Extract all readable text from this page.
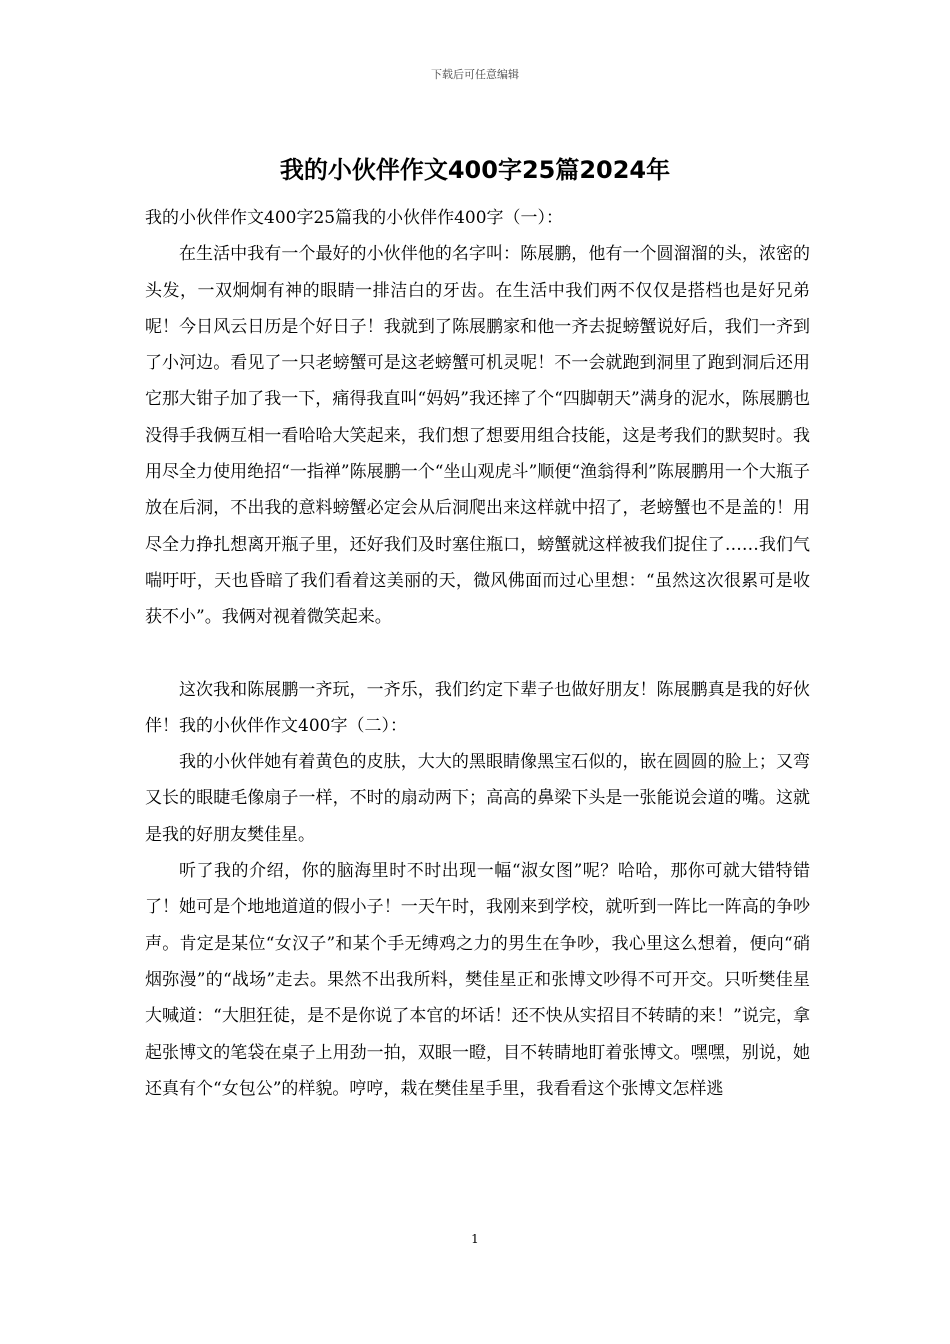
下载后可任意编辑
我的小伙伴作文400字25篇2024年

我的小伙伴作文400字25篇我的小伙伴作400字（一）：

在生活中我有一个最好的小伙伴他的名字叫：陈展鹏，他有一个圆溜溜的头，浓密的头发，一双炯炯有神的眼睛一排洁白的牙齿。在生活中我们两不仅仅是搭档也是好兄弟呢！今日风云日历是个好日子！我就到了陈展鹏家和他一齐去捉螃蟹说好后，我们一齐到了小河边。看见了一只老螃蟹可是这老螃蟹可机灵呢！不一会就跑到洞里了跑到洞后还用它那大钳子加了我一下，痛得我直叫“妈妈”我还摔了个“四脚朝天”满身的泥水，陈展鹏也没得手我俩互相一看哈哈大笑起来，我们想了想要用组合技能，这是考我们的默契时。我用尽全力使用绝招“一指禅”陈展鹏一个“坐山观虎斗”顺便“渔翁得利”陈展鹏用一个大瓶子放在后洞，不出我的意料螃蟹必定会从后洞爬出来这样就中招了，老螃蟹也不是盖的！用尽全力挣扎想离开瓶子里，还好我们及时塞住瓶口，螃蟹就这样被我们捉住了……我们气喘吁吁，天也昏暗了我们看着这美丽的天，微风佛面而过心里想：“虽然这次很累可是收获不小”。我俩对视着微笑起来。

这次我和陈展鹏一齐玩，一齐乐，我们约定下辈子也做好朋友！陈展鹏真是我的好伙伴！我的小伙伴作文400字（二）：

我的小伙伴她有着黄色的皮肤，大大的黑眼睛像黑宝石似的，嵌在圆圆的脸上；又弯又长的眼睫毛像扇子一样，不时的扇动两下；高高的鼻梁下头是一张能说会道的嘴。这就是我的好朋友樊佳星。

听了我的介绍，你的脑海里时不时出现一幅“淑女图”呢？哈哈，那你可就大错特错了！她可是个地地道道的假小子！一天午时，我刚来到学校，就听到一阵比一阵高的争吵声。肯定是某位“女汉子”和某个手无缚鸡之力的男生在争吵，我心里这么想着，便向“硝烟弥漫”的“战场”走去。果然不出我所料，樊佳星正和张博文吵得不可开交。只听樊佳星大喊道：“大胆狂徒，是不是你说了本官的坏话！还不快从实招目不转睛的来！”说完，拿起张博文的笔袋在桌子上用劲一拍，双眼一瞪，目不转睛地盯着张博文。嘿嘿，别说，她还真有个“女包公”的样貌。哼哼，栽在樊佳星手里，我看看这个张博文怎样逃

1
